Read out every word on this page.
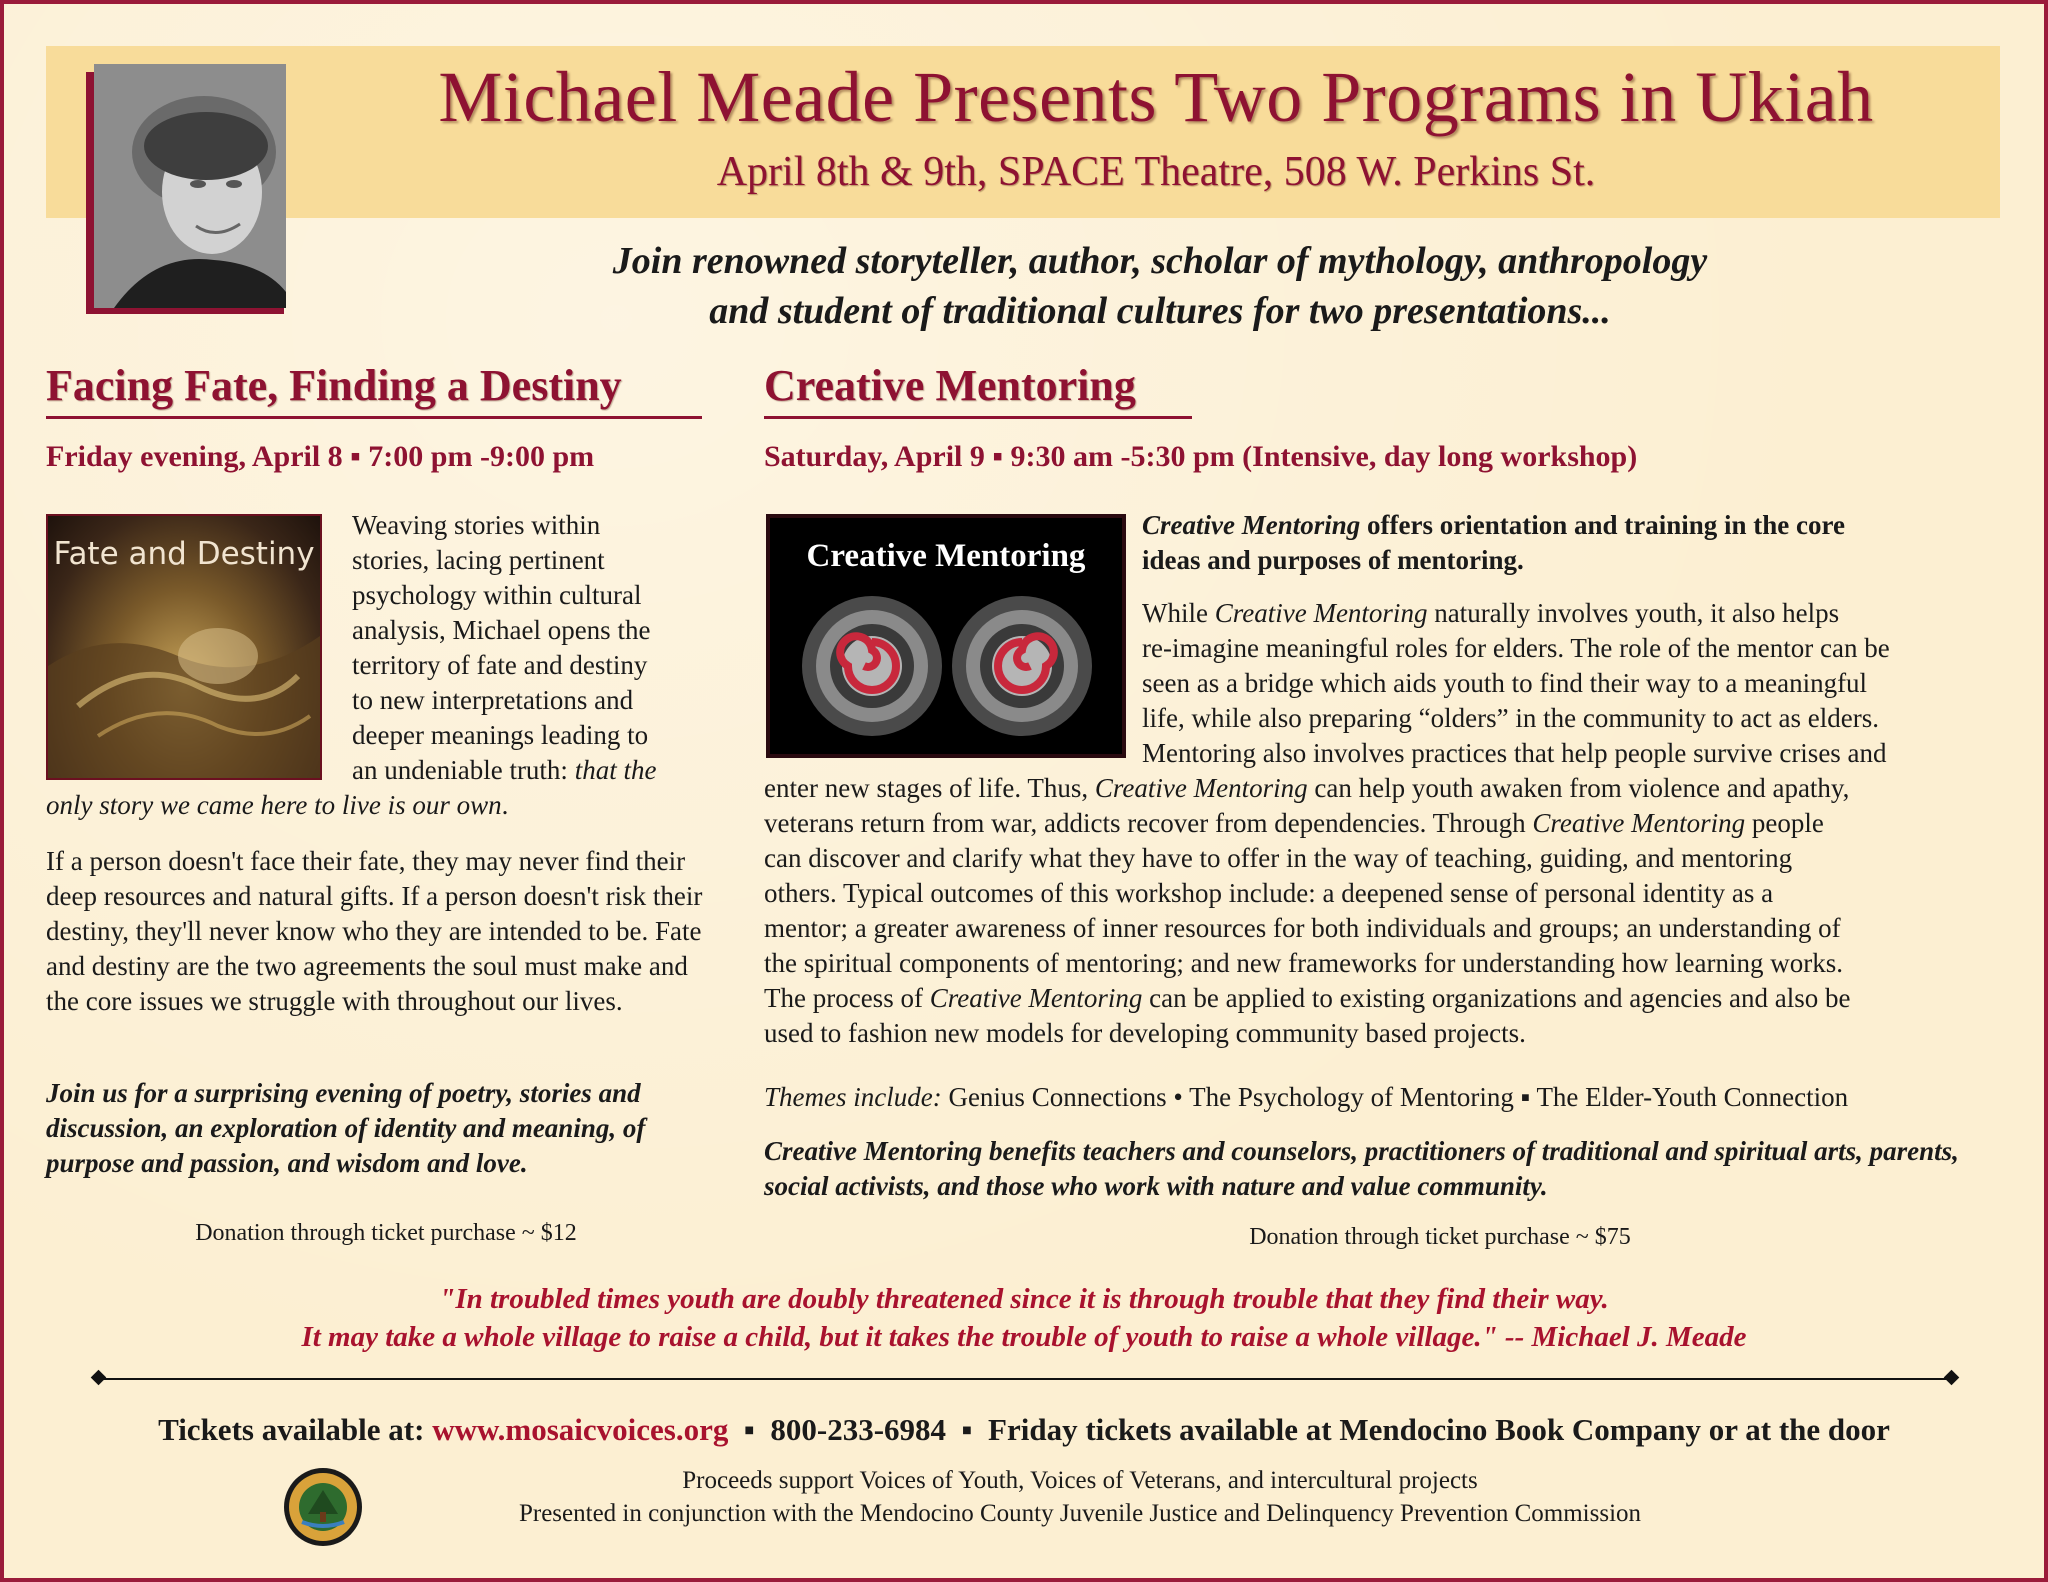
Michael Meade Presents Two Programs in Ukiah
April 8th & 9th, SPACE Theatre, 508 W. Perkins St.
Join renowned storyteller, author, scholar of mythology, anthropology
and student of traditional cultures for two presentations...
Facing Fate, Finding a Destiny
Friday evening, April 8 ▪ 7:00 pm -9:00 pm
Fate and Destiny
Weaving stories within
stories, lacing pertinent
psychology within cultural
analysis, Michael opens the
territory of fate and destiny
to new interpretations and
deeper meanings leading to
an undeniable truth: that the
only story we came here to live is our own.
If a person doesn't face their fate, they may never find their deep resources and natural gifts. If a person doesn't risk their destiny, they'll never know who they are intended to be. Fate and destiny are the two agreements the soul must make and the core issues we struggle with throughout our lives.
Join us for a surprising evening of poetry, stories and discussion, an exploration of identity and meaning, of purpose and passion, and wisdom and love.
Donation through ticket purchase ~ $12
Creative Mentoring
Saturday, April 9 ▪ 9:30 am -5:30 pm (Intensive, day long workshop)
Creative Mentoring
Creative Mentoring offers orientation and training in the core
ideas and purposes of mentoring.
While Creative Mentoring naturally involves youth, it also helps
re-imagine meaningful roles for elders. The role of the mentor can be
seen as a bridge which aids youth to find their way to a meaningful
life, while also preparing “olders” in the community to act as elders.
Mentoring also involves practices that help people survive crises and
enter new stages of life. Thus, Creative Mentoring can help youth awaken from violence and apathy,
veterans return from war, addicts recover from dependencies. Through Creative Mentoring people
can discover and clarify what they have to offer in the way of teaching, guiding, and mentoring
others. Typical outcomes of this workshop include: a deepened sense of personal identity as a
mentor; a greater awareness of inner resources for both individuals and groups; an understanding of
the spiritual components of mentoring; and new frameworks for understanding how learning works.
The process of Creative Mentoring can be applied to existing organizations and agencies and also be
used to fashion new models for developing community based projects.
Themes include: Genius Connections • The Psychology of Mentoring ▪ The Elder-Youth Connection
Creative Mentoring benefits teachers and counselors, practitioners of traditional and spiritual arts, parents, social activists, and those who work with nature and value community.
Donation through ticket purchase ~ $75
"In troubled times youth are doubly threatened since it is through trouble that they find their way.
It may take a whole village to raise a child, but it takes the trouble of youth to raise a whole village." -- Michael J. Meade
Tickets available at: www.mosaicvoices.org  ▪  800-233-6984  ▪  Friday tickets available at Mendocino Book Company or at the door
Proceeds support Voices of Youth, Voices of Veterans, and intercultural projects
Presented in conjunction with the Mendocino County Juvenile Justice and Delinquency Prevention Commission
